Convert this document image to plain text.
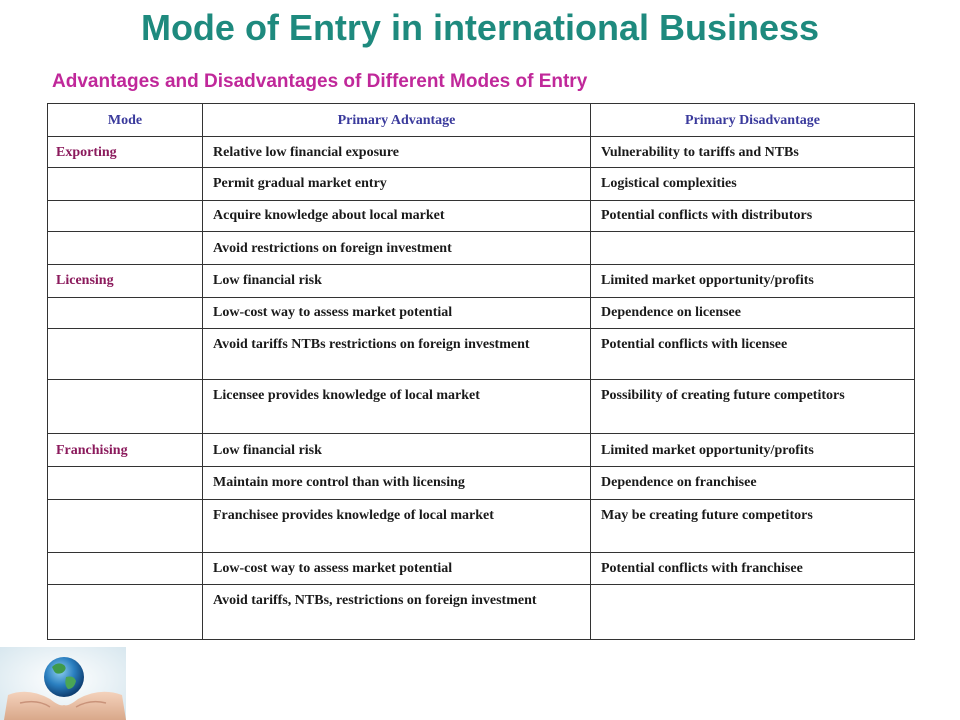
Mode of Entry in international Business
Advantages and Disadvantages of Different Modes of Entry
Mode	Primary Advantage	Primary Disadvantage
Exporting	Relative low financial exposure	Vulnerability to tariffs and NTBs
	Permit gradual market entry	Logistical complexities
	Acquire knowledge about local market	Potential conflicts with distributors
	Avoid restrictions on foreign investment	
Licensing	Low financial risk	Limited market opportunity/profits
	Low-cost way to assess market potential	Dependence on licensee

	Avoid tariffs NTBs restrictions on foreign investment	Potential conflicts with licensee

	Licensee provides knowledge of local market	Possibility of creating future competitors

Franchising	Low financial risk	Limited market opportunity/profits
	Maintain more control than with licensing	Dependence on franchisee

	Franchisee provides knowledge of local market	May be creating future competitors

	Low-cost way to assess market potential	Potential conflicts with franchisee

	Avoid tariffs, NTBs, restrictions on foreign investment	
